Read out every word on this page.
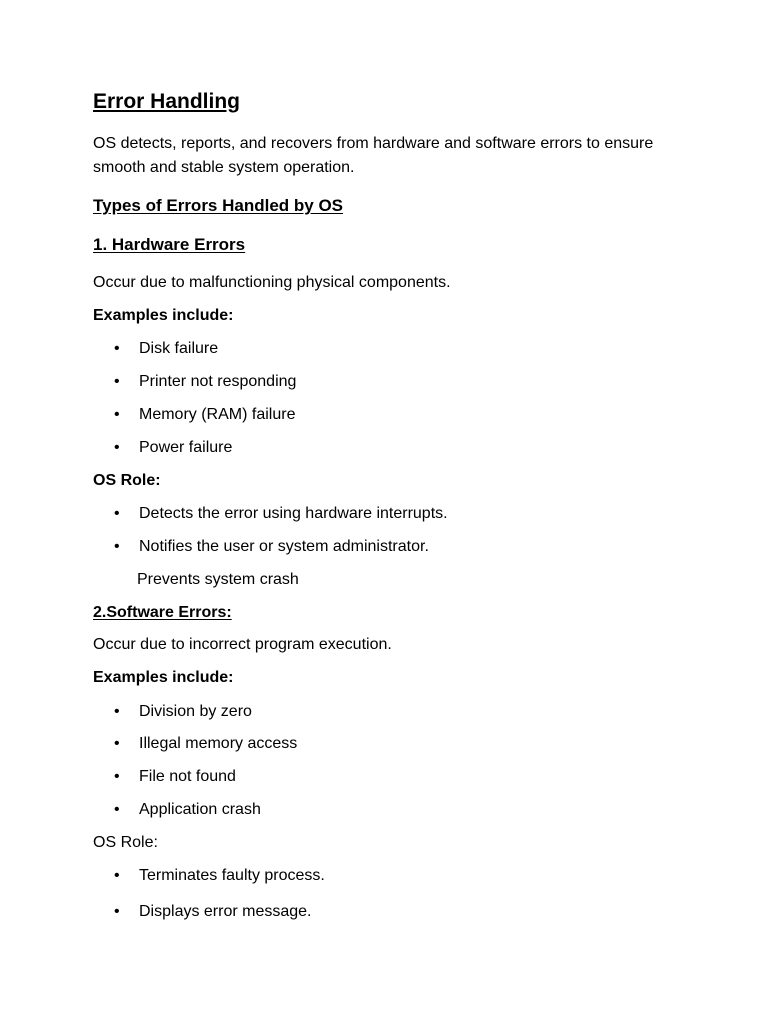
Error Handling
OS detects, reports, and recovers from hardware and software errors to ensure
smooth and stable system operation.
Types of Errors Handled by OS
1. Hardware Errors
Occur due to malfunctioning physical components.
Examples include:
• Disk failure
• Printer not responding
• Memory (RAM) failure
• Power failure
OS Role:
• Detects the error using hardware interrupts.
• Notifies the user or system administrator.
Prevents system crash
2.Software Errors:
Occur due to incorrect program execution.
Examples include:
• Division by zero
• Illegal memory access
• File not found
• Application crash
OS Role:
• Terminates faulty process.
• Displays error message.
